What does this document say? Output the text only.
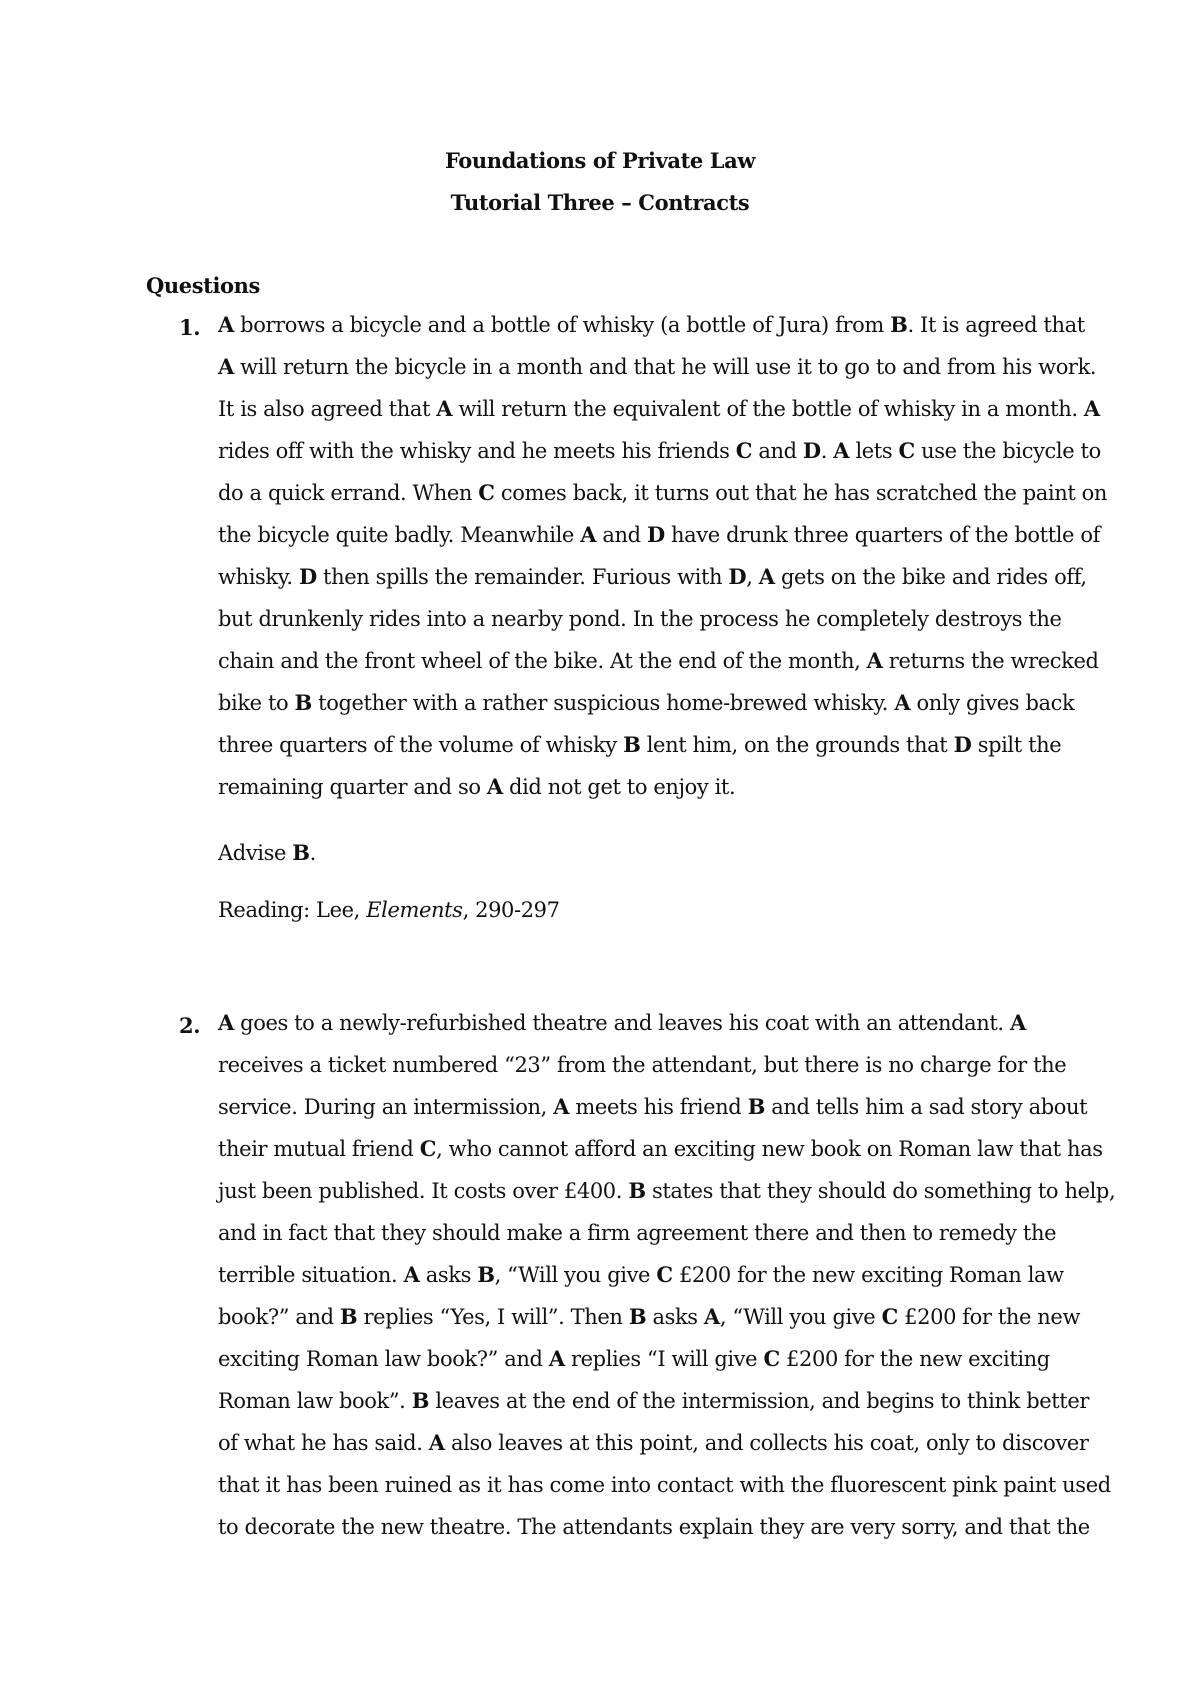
Foundations of Private Law
Tutorial Three – Contracts
Questions
1. A borrows a bicycle and a bottle of whisky (a bottle of Jura) from B. It is agreed that
A will return the bicycle in a month and that he will use it to go to and from his work.
It is also agreed that A will return the equivalent of the bottle of whisky in a month. A
rides off with the whisky and he meets his friends C and D. A lets C use the bicycle to
do a quick errand. When C comes back, it turns out that he has scratched the paint on
the bicycle quite badly. Meanwhile A and D have drunk three quarters of the bottle of
whisky. D then spills the remainder. Furious with D, A gets on the bike and rides off,
but drunkenly rides into a nearby pond. In the process he completely destroys the
chain and the front wheel of the bike. At the end of the month, A returns the wrecked
bike to B together with a rather suspicious home-brewed whisky. A only gives back
three quarters of the volume of whisky B lent him, on the grounds that D spilt the
remaining quarter and so A did not get to enjoy it.
Advise B.
Reading: Lee, Elements, 290-297
2. A goes to a newly-refurbished theatre and leaves his coat with an attendant. A
receives a ticket numbered “23” from the attendant, but there is no charge for the
service. During an intermission, A meets his friend B and tells him a sad story about
their mutual friend C, who cannot afford an exciting new book on Roman law that has
just been published. It costs over £400. B states that they should do something to help,
and in fact that they should make a firm agreement there and then to remedy the
terrible situation. A asks B, “Will you give C £200 for the new exciting Roman law
book?” and B replies “Yes, I will”. Then B asks A, “Will you give C £200 for the new
exciting Roman law book?” and A replies “I will give C £200 for the new exciting
Roman law book”. B leaves at the end of the intermission, and begins to think better
of what he has said. A also leaves at this point, and collects his coat, only to discover
that it has been ruined as it has come into contact with the fluorescent pink paint used
to decorate the new theatre. The attendants explain they are very sorry, and that the
